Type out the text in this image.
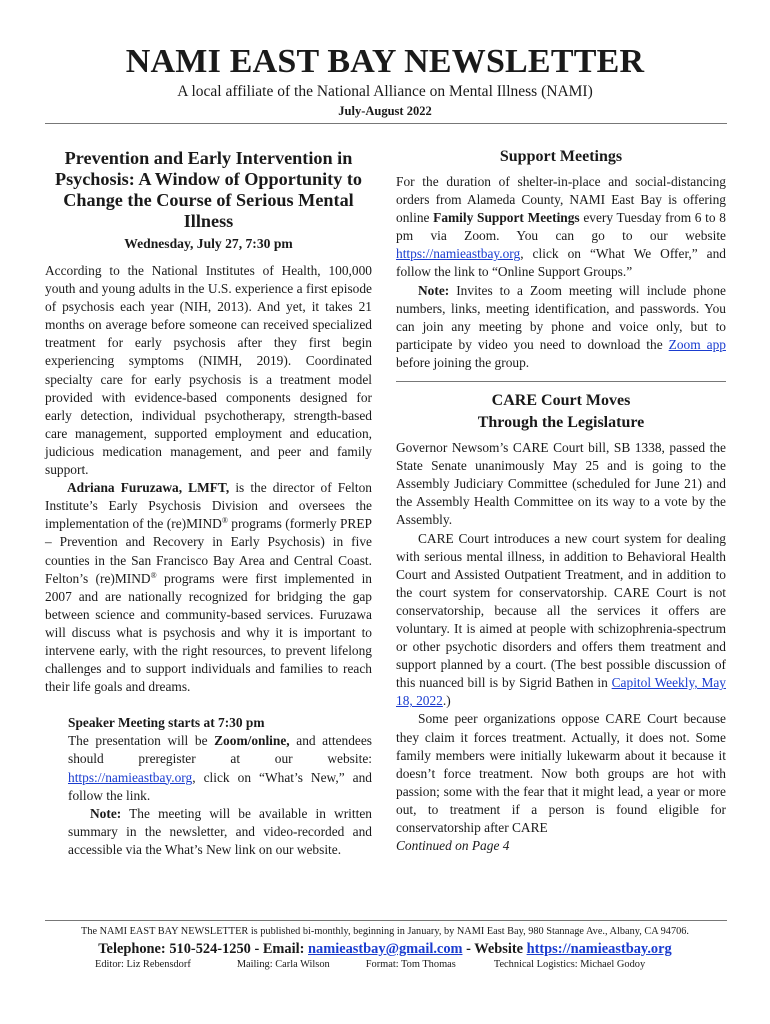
NAMI EAST BAY NEWSLETTER
A local affiliate of the National Alliance on Mental Illness (NAMI)
July-August 2022
Prevention and Early Intervention in Psychosis: A Window of Opportunity to Change the Course of Serious Mental Illness
Wednesday, July 27, 7:30 pm

According to the National Institutes of Health, 100,000 youth and young adults in the U.S. experience a first episode of psychosis each year (NIH, 2013). And yet, it takes 21 months on average before someone can received specialized treatment for early psychosis after they first begin experiencing symptoms (NIMH, 2019). Coordinated specialty care for early psychosis is a treatment model provided with evidence-based components designed for early detection, individual psychotherapy, strength-based care management, supported employment and education, judicious medication management, and peer and family support.

Adriana Furuzawa, LMFT, is the director of Felton Institute’s Early Psychosis Division and oversees the implementation of the (re)MIND® programs (formerly PREP – Prevention and Recovery in Early Psychosis) in five counties in the San Francisco Bay Area and Central Coast. Felton’s (re)MIND® programs were first implemented in 2007 and are nationally recognized for bridging the gap between science and community-based services. Furuzawa will discuss what is psychosis and why it is important to intervene early, with the right resources, to prevent lifelong challenges and to support individuals and families to reach their life goals and dreams.

Speaker Meeting starts at 7:30 pm

The presentation will be Zoom/online, and attendees should preregister at our website: https://namieastbay.org, click on “What’s New,” and follow the link.

Note: The meeting will be available in written summary in the newsletter, and video-recorded and accessible via the What’s New link on our website.

Support Meetings

For the duration of shelter-in-place and social-distancing orders from Alameda County, NAMI East Bay is offering online Family Support Meetings every Tuesday from 6 to 8 pm via Zoom. You can go to our website https://namieastbay.org, click on “What We Offer,” and follow the link to “Online Support Groups.”

Note: Invites to a Zoom meeting will include phone numbers, links, meeting identification, and passwords. You can join any meeting by phone and voice only, but to participate by video you need to download the Zoom app before joining the group.

CARE Court Moves
Through the Legislature

Governor Newsom’s CARE Court bill, SB 1338, passed the State Senate unanimously May 25 and is going to the Assembly Judiciary Committee (scheduled for June 21) and the Assembly Health Committee on its way to a vote by the Assembly.

CARE Court introduces a new court system for dealing with serious mental illness, in addition to Behavioral Health Court and Assisted Outpatient Treatment, and in addition to the court system for conservatorship. CARE Court is not conservatorship, because all the services it offers are voluntary. It is aimed at people with schizophrenia-spectrum or other psychotic disorders and offers them treatment and support planned by a court. (The best possible discussion of this nuanced bill is by Sigrid Bathen in Capitol Weekly, May 18, 2022.)

Some peer organizations oppose CARE Court because they claim it forces treatment. Actually, it does not. Some family members were initially lukewarm about it because it doesn’t force treatment. Now both groups are hot with passion; some with the fear that it might lead, a year or more out, to treatment if a person is found eligible for conservatorship after CARE

Continued on Page 4

The NAMI EAST BAY NEWSLETTER is published bi-monthly, beginning in January, by NAMI East Bay, 980 Stannage Ave., Albany, CA 94706.
Telephone: 510-524-1250 - Email: namieastbay@gmail.com - Website https://namieastbay.org
Editor: Liz Rebensdorf	Mailing: Carla Wilson	Format: Tom Thomas	Technical Logistics: Michael Godoy
